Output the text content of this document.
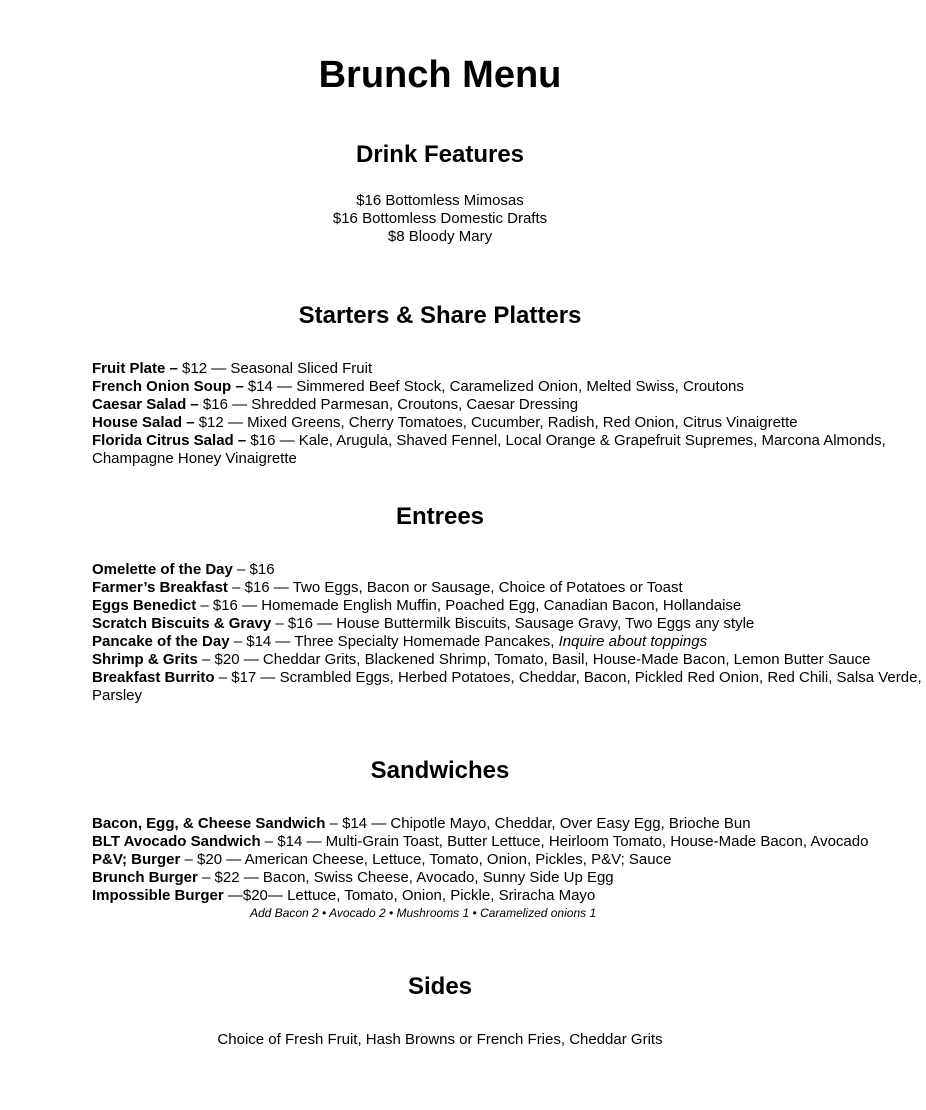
Brunch Menu
Drink Features
$16 Bottomless Mimosas
$16 Bottomless Domestic Drafts
$8 Bloody Mary
Starters & Share Platters

Fruit Plate – $12 — Seasonal Sliced Fruit

French Onion Soup – $14 — Simmered Beef Stock, Caramelized Onion, Melted Swiss, Croutons

Caesar Salad – $16 — Shredded Parmesan, Croutons, Caesar Dressing

House Salad – $12 — Mixed Greens, Cherry Tomatoes, Cucumber, Radish, Red Onion, Citrus Vinaigrette

Florida Citrus Salad – $16 — Kale, Arugula, Shaved Fennel, Local Orange & Grapefruit Supremes, Marcona Almonds, Champagne Honey Vinaigrette

Entrees

Omelette of the Day – $16

Farmer’s Breakfast – $16 — Two Eggs, Bacon or Sausage, Choice of Potatoes or Toast

Eggs Benedict – $16 — Homemade English Muffin, Poached Egg, Canadian Bacon, Hollandaise

Scratch Biscuits & Gravy – $16 — House Buttermilk Biscuits, Sausage Gravy, Two Eggs any style

Pancake of the Day – $14 — Three Specialty Homemade Pancakes, Inquire about toppings

Shrimp & Grits – $20 — Cheddar Grits, Blackened Shrimp, Tomato, Basil, House-Made Bacon, Lemon Butter Sauce

Breakfast Burrito – $17 — Scrambled Eggs, Herbed Potatoes, Cheddar, Bacon, Pickled Red Onion, Red Chili, Salsa Verde, Parsley

Sandwiches

Bacon, Egg, & Cheese Sandwich – $14 — Chipotle Mayo, Cheddar, Over Easy Egg, Brioche Bun

BLT Avocado Sandwich – $14 — Multi-Grain Toast, Butter Lettuce, Heirloom Tomato, House-Made Bacon, Avocado

P&V; Burger – $20 — American Cheese, Lettuce, Tomato, Onion, Pickles, P&V; Sauce

Brunch Burger – $22 — Bacon, Swiss Cheese, Avocado, Sunny Side Up Egg

Impossible Burger —$20— Lettuce, Tomato, Onion, Pickle, Sriracha Mayo

Add Bacon 2 • Avocado 2 • Mushrooms 1 • Caramelized onions 1
Sides
Choice of Fresh Fruit, Hash Browns or French Fries, Cheddar Grits
